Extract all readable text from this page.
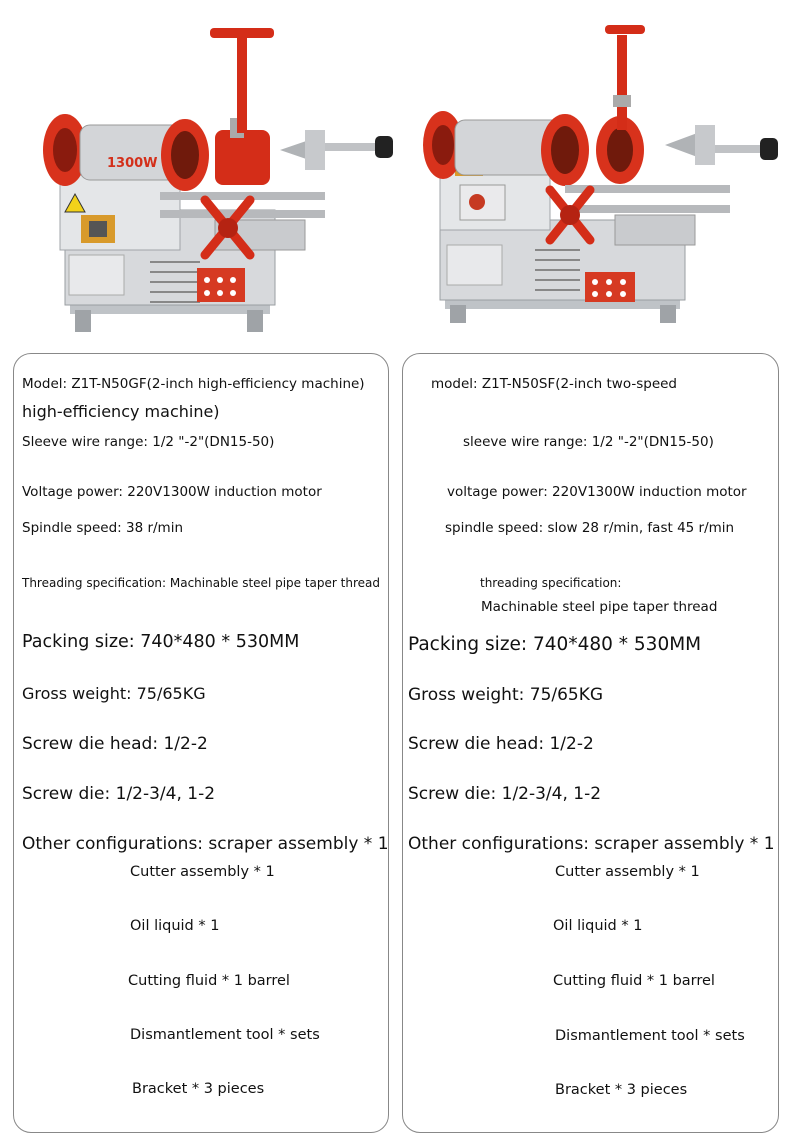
1300W
Model: Z1T-N50GF(2-inch high-efficiency machine)
high-efficiency machine)
Sleeve wire range: 1/2 "-2"(DN15-50)
Voltage power: 220V1300W induction motor
Spindle speed: 38 r/min
Threading specification: Machinable steel pipe taper thread
Packing size: 740*480 * 530MM
Gross weight: 75/65KG
Screw die head: 1/2-2
Screw die: 1/2-3/4, 1-2
Other configurations: scraper assembly * 1
Cutter assembly * 1
Oil liquid * 1
Cutting fluid * 1 barrel
Dismantlement tool * sets
Bracket * 3 pieces
model: Z1T-N50SF(2-inch two-speed
sleeve wire range: 1/2 "-2"(DN15-50)
voltage power: 220V1300W induction motor
spindle speed: slow 28 r/min, fast 45 r/min
threading specification:
Machinable steel pipe taper thread
Packing size: 740*480 * 530MM
Gross weight: 75/65KG
Screw die head: 1/2-2
Screw die: 1/2-3/4, 1-2
Other configurations: scraper assembly * 1
Cutter assembly * 1
Oil liquid * 1
Cutting fluid * 1 barrel
Dismantlement tool * sets
Bracket * 3 pieces
